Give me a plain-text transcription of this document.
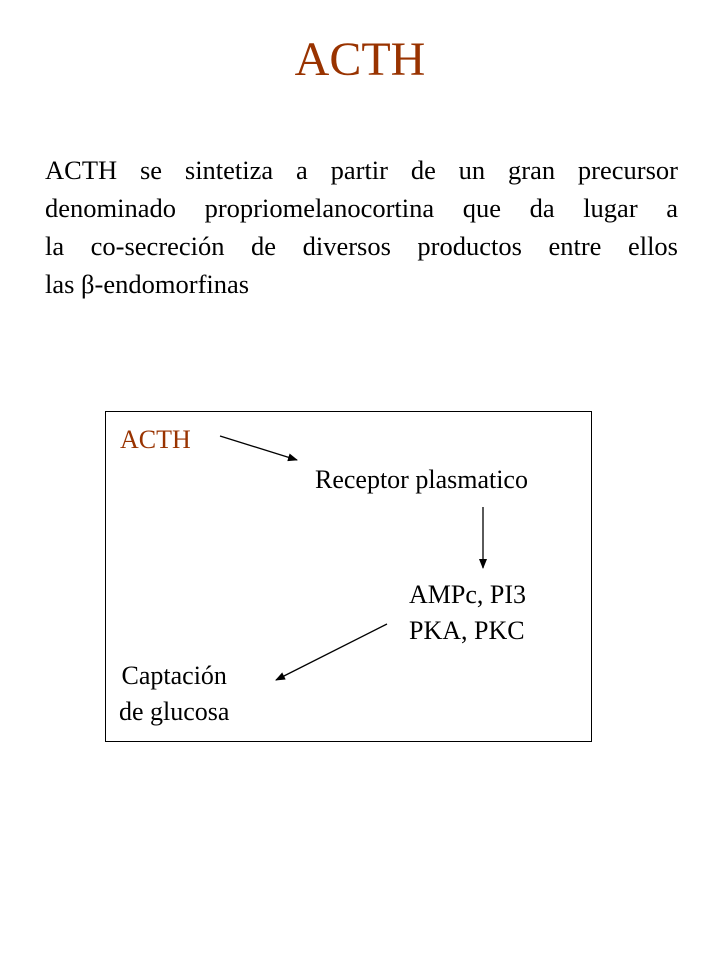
ACTH
ACTH se sintetiza a partir de un gran precursor
denominado propriomelanocortina que da lugar a
la co-secreción de diversos productos entre ellos
las β-endomorfinas
ACTH
Receptor plasmatico
AMPc, PI3
PKA, PKC
Captación
de glucosa
